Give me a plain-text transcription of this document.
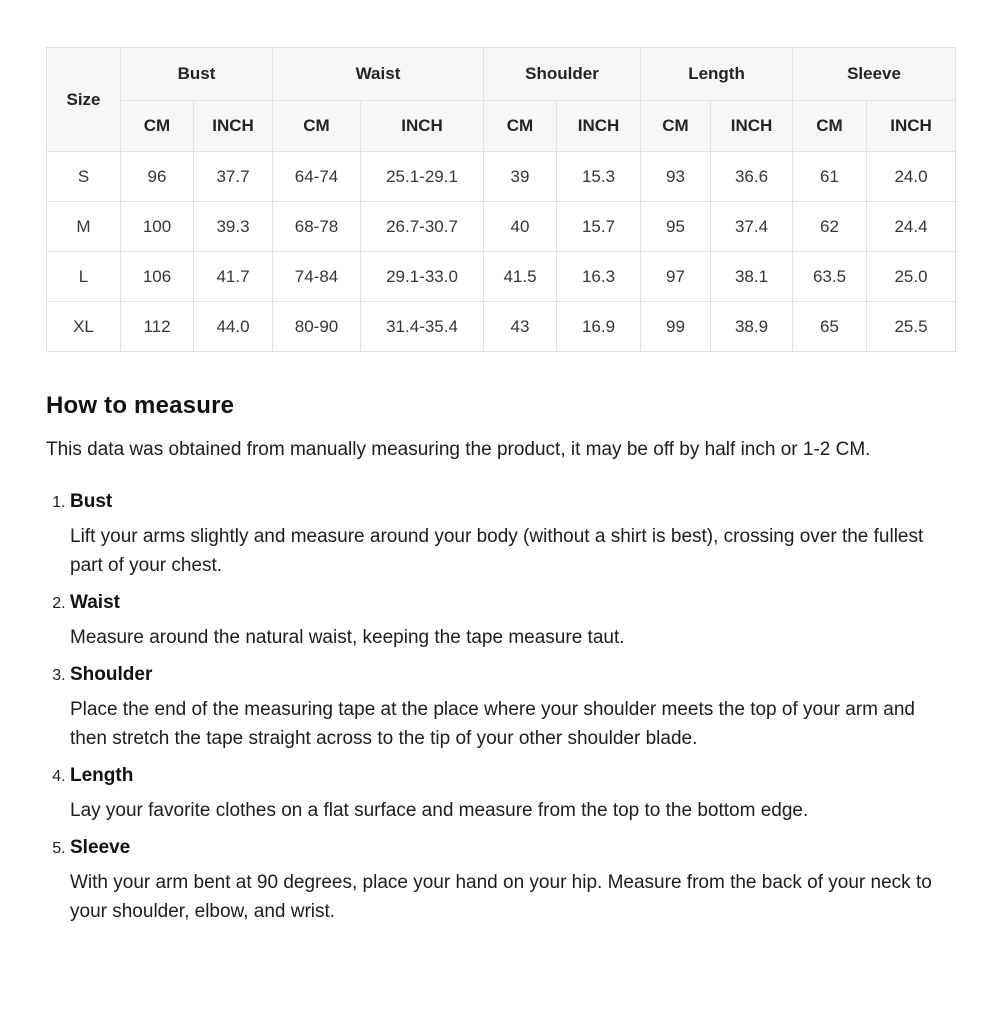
Size	Bust		Waist		Shoulder		Length		Sleeve	
	CM	INCH	CM	INCH	CM	INCH	CM	INCH	CM	INCH
S	96	37.7	64-74	25.1-29.1	39	15.3	93	36.6	61	24.0
M	100	39.3	68-78	26.7-30.7	40	15.7	95	37.4	62	24.4
L	106	41.7	74-84	29.1-33.0	41.5	16.3	97	38.1	63.5	25.0
XL	112	44.0	80-90	31.4-35.4	43	16.9	99	38.9	65	25.5
How to measure

This data was obtained from manually measuring the product, it may be off by half inch or 1-2 CM.

1. Bust
Lift your arms slightly and measure around your body (without a shirt is best), crossing over the fullest part of your chest.
2. Waist
Measure around the natural waist, keeping the tape measure taut.
3. Shoulder
Place the end of the measuring tape at the place where your shoulder meets the top of your arm and then stretch the tape straight across to the tip of your other shoulder blade.
4. Length
Lay your favorite clothes on a flat surface and measure from the top to the bottom edge.
5. Sleeve
With your arm bent at 90 degrees, place your hand on your hip. Measure from the back of your neck to your shoulder, elbow, and wrist.
